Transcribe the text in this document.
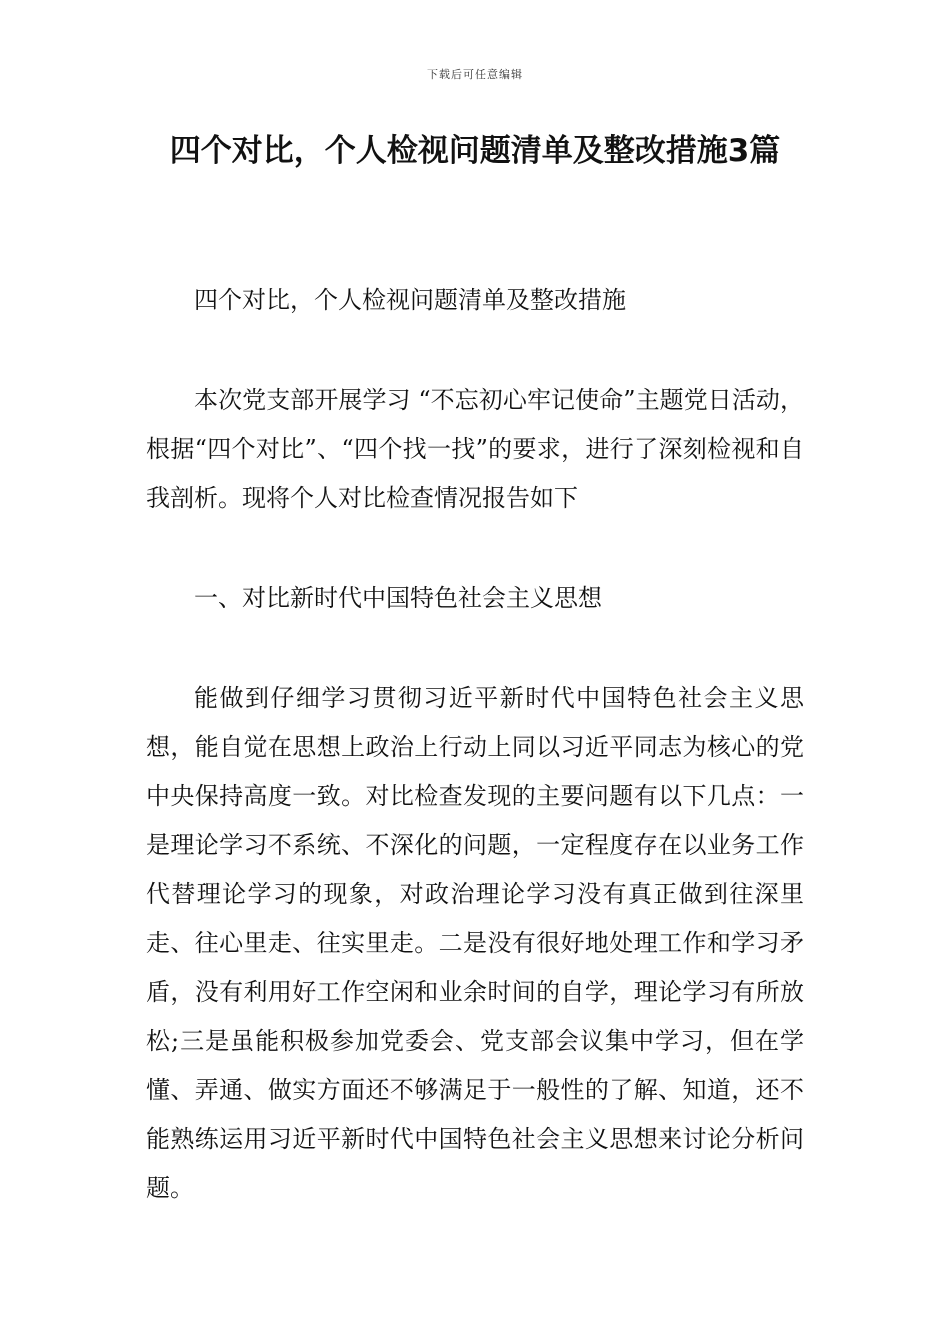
下载后可任意编辑
四个对比，个人检视问题清单及整改措施3篇

四个对比，个人检视问题清单及整改措施

本次党支部开展学习 “不忘初心牢记使命”主题党日活动，根据“四个对比”、“四个找一找”的要求，进行了深刻检视和自我剖析。现将个人对比检查情况报告如下

一、对比新时代中国特色社会主义思想

能做到仔细学习贯彻习近平新时代中国特色社会主义思想，能自觉在思想上政治上行动上同以习近平同志为核心的党中央保持高度一致。对比检查发现的主要问题有以下几点：一是理论学习不系统、不深化的问题，一定程度存在以业务工作代替理论学习的现象，对政治理论学习没有真正做到往深里走、往心里走、往实里走。二是没有很好地处理工作和学习矛盾，没有利用好工作空闲和业余时间的自学，理论学习有所放松;三是虽能积极参加党委会、党支部会议集中学习，但在学懂、弄通、做实方面还不够满足于一般性的了解、知道，还不能熟练运用习近平新时代中国特色社会主义思想来讨论分析问题。
